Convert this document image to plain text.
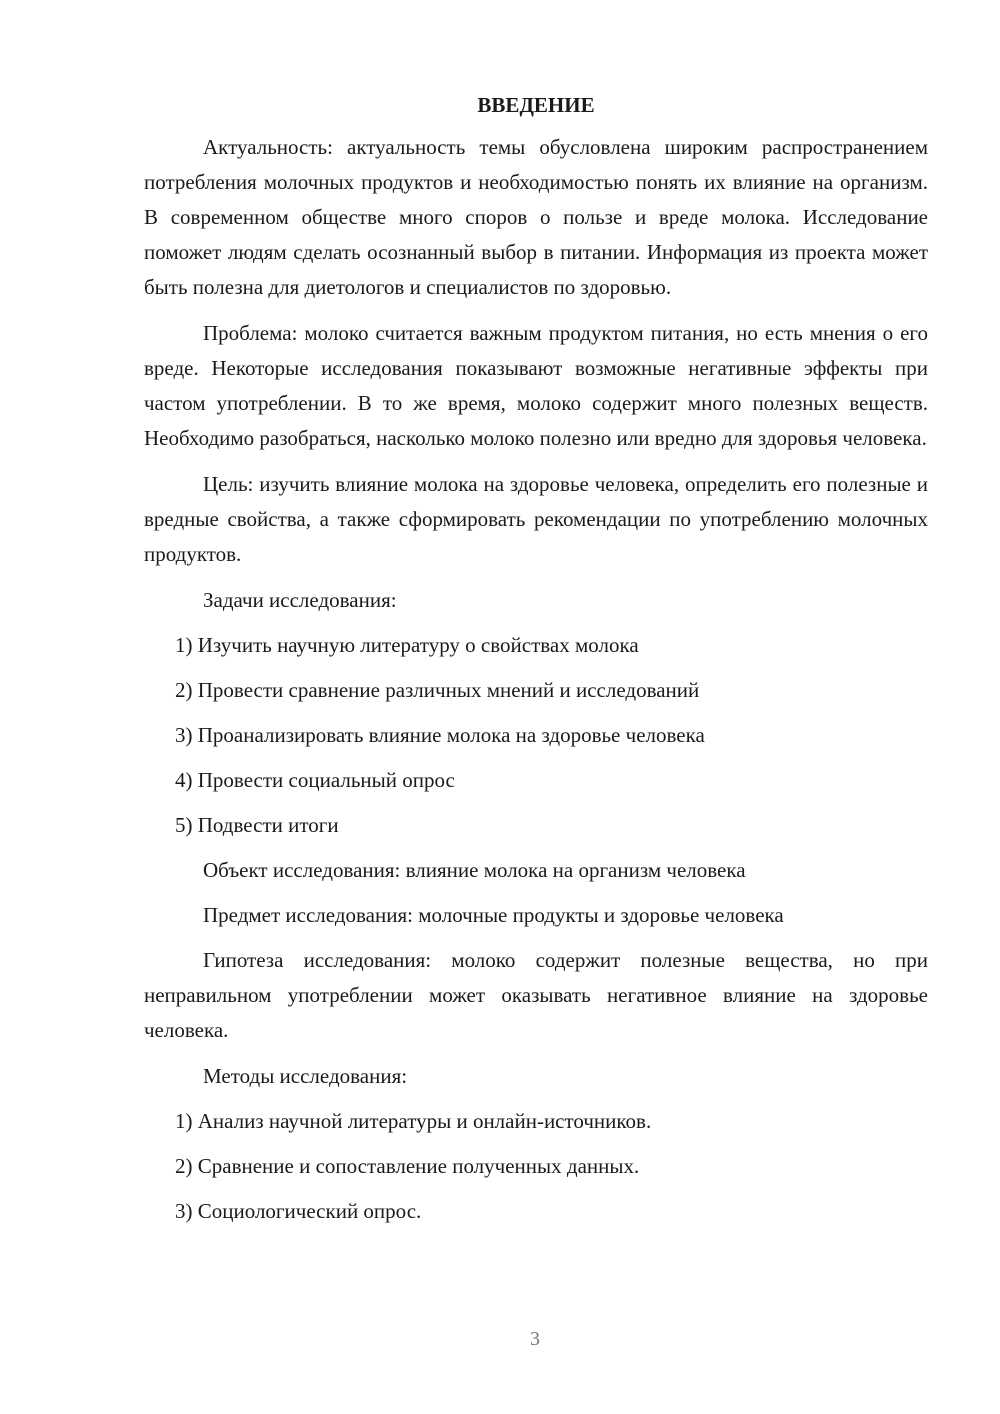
ВВЕДЕНИЕ

Актуальность: актуальность темы обусловлена широким распространением потребления молочных продуктов и необходимостью понять их влияние на организм. В современном обществе много споров о пользе и вреде молока. Исследование поможет людям сделать осознанный выбор в питании. Информация из проекта может быть полезна для диетологов и специалистов по здоровью.

Проблема: молоко считается важным продуктом питания, но есть мнения о его вреде. Некоторые исследования показывают возможные негативные эффекты при частом употреблении. В то же время, молоко содержит много полезных веществ. Необходимо разобраться, насколько молоко полезно или вредно для здоровья человека.

Цель: изучить влияние молока на здоровье человека, определить его полезные и вредные свойства, а также сформировать рекомендации по употреблению молочных продуктов.

Задачи исследования:
1) Изучить научную литературу о свойствах молока
2) Провести сравнение различных мнений и исследований
3) Проанализировать влияние молока на здоровье человека
4) Провести социальный опрос
5) Подвести итоги
Объект исследования: влияние молока на организм человека
Предмет исследования: молочные продукты и здоровье человека

Гипотеза исследования: молоко содержит полезные вещества, но при неправильном употреблении может оказывать негативное влияние на здоровье человека.

Методы исследования:
1) Анализ научной литературы и онлайн-источников.
2) Сравнение и сопоставление полученных данных.
3) Социологический опрос.
3
